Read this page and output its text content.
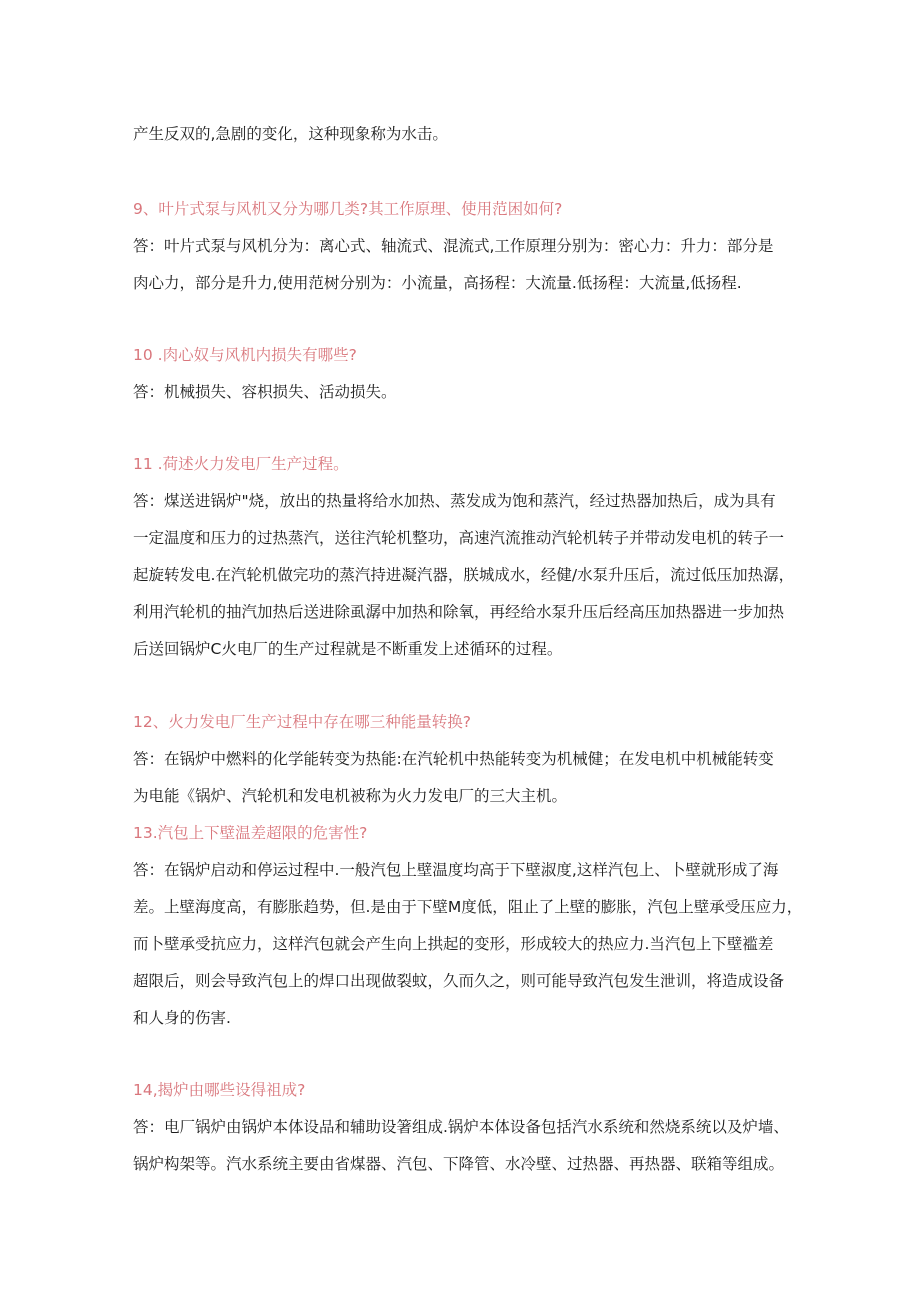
产生反双的,急剧的变化，这种现象称为水击。
9、叶片式泵与风机又分为哪几类?其工作原理、使用范困如何?
答：叶片式泵与风机分为：离心式、轴流式、混流式,工作原理分别为：密心力：升力：部分是
肉心力，部分是升力,使用范树分别为：小流量，高扬程：大流量.低扬程：大流量,低扬程.
10 .肉心奴与风机内损失有哪些?
答：机械损失、容枳损失、活动损失。
11 .荷述火力发电厂生产过程。
答：煤送进锅炉"烧，放出的热量将给水加热、蒸发成为饱和蒸汽，经过热器加热后，成为具有
一定温度和压力的过热蒸汽，送往汽轮机整功，高速汽流推动汽轮机转子并带动发电机的转子一
起旋转发电.在汽轮机做完功的蒸汽持进凝汽器，朕城成水，经健/水泵升压后，流过低压加热潺，
利用汽轮机的抽汽加热后送进除虱潺中加热和除氧，再经给水泵升压后经高压加热器进一步加热
后送回锅炉C火电厂的生产过程就是不断重发上述循环的过程。
12、火力发电厂生产过程中存在哪三种能量转换?
答：在锅炉中燃料的化学能转变为热能:在汽轮机中热能转变为机械健；在发电机中机械能转变
为电能《锅炉、汽轮机和发电机被称为火力发电厂的三大主机。
13.汽包上下壁温差超限的危害性?
答：在锅炉启动和停运过程中.一般汽包上壁温度均高于下壁淑度,这样汽包上、卜壁就形成了海
差。上壁海度高，有膨胀趋势，但.是由于下壁M度低，阻止了上壁的膨胀，汽包上壁承受压应力，
而卜壁承受抗应力，这样汽包就会产生向上拱起的变形，形成较大的热应力.当汽包上下壁褴差
超限后，则会导致汽包上的焊口出现做裂蚊，久而久之，则可能导致汽包发生泄训，将造成设备
和人身的伤害.
14,揭炉由哪些设得祖成?
答：电厂锅炉由锅炉本体设品和辅助设箸组成.锅炉本体设备包括汽水系统和然烧系统以及炉墙、
锅炉构架等。汽水系统主要由省煤器、汽包、下降管、水冷壁、过热器、再热器、联箱等组成。
